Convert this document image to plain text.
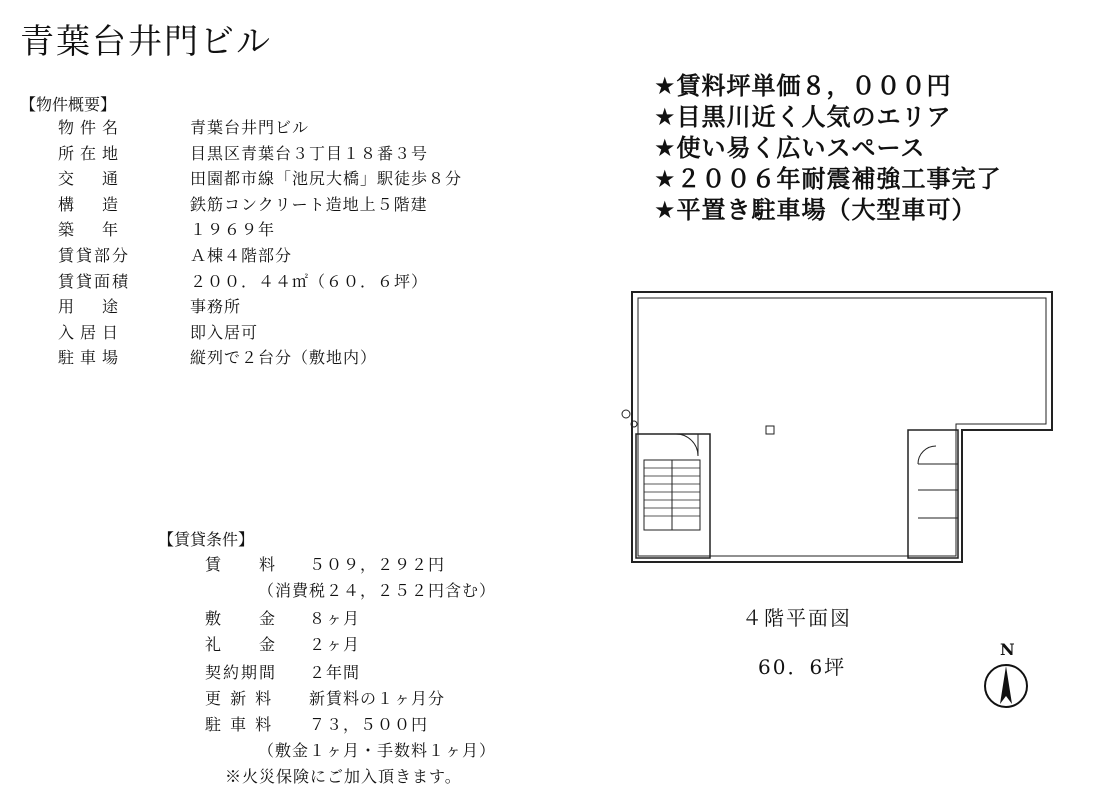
青葉台井門ビル
【物件概要】
物件名	青葉台井門ビル
所在地	目黒区青葉台３丁目１８番３号
交　通	田園都市線「池尻大橋」駅徒歩８分
構　造	鉄筋コンクリート造地上５階建
築　年	１９６９年
賃貸部分	Ａ棟４階部分
賃貸面積	２００．４４㎡（６０．６坪）
用　途	事務所
入居日	即入居可
駐車場	縦列で２台分（敷地内）
【賃貸条件】
賃　　料	５０９，２９２円
（消費税２４，２５２円含む）
敷　　金	８ヶ月
礼　　金	２ヶ月
契約期間	２年間
更 新 料	新賃料の１ヶ月分
駐 車 料	７３，５００円
（敷金１ヶ月・手数料１ヶ月）
※火災保険にご加入頂きます。
★賃料坪単価８，０００円
★目黒川近く人気のエリア
★使い易く広いスペース
★２００６年耐震補強工事完了
★平置き駐車場（大型車可）
４階平面図
60．6坪
N
